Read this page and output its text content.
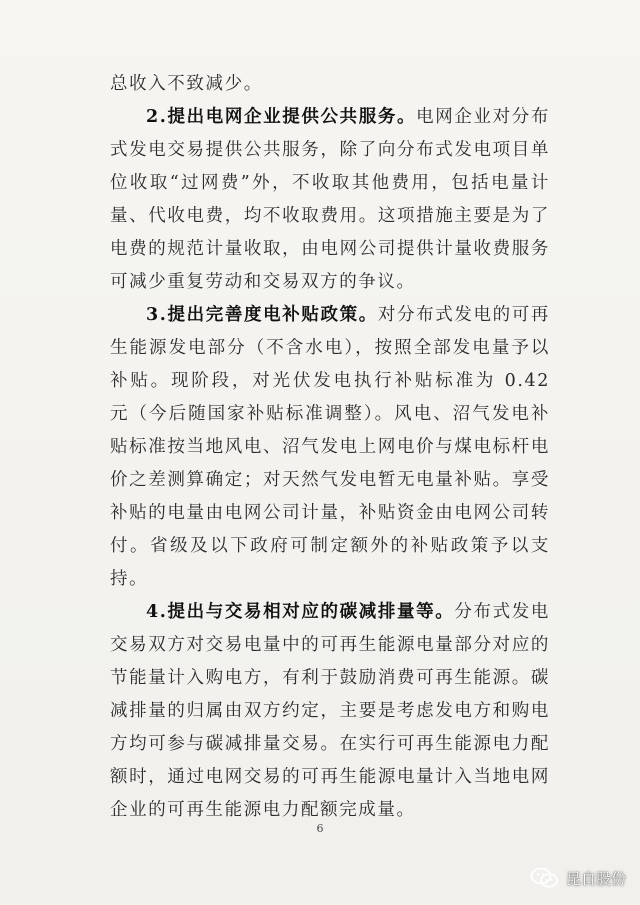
总收入不致减少。

2.提出电网企业提供公共服务。电网企业对分布式发电交易提供公共服务，除了向分布式发电项目单位收取“过网费”外，不收取其他费用，包括电量计量、代收电费，均不收取费用。这项措施主要是为了电费的规范计量收取，由电网公司提供计量收费服务可减少重复劳动和交易双方的争议。

3.提出完善度电补贴政策。对分布式发电的可再生能源发电部分（不含水电），按照全部发电量予以补贴。现阶段，对光伏发电执行补贴标准为 0.42 元（今后随国家补贴标准调整）。风电、沼气发电补贴标准按当地风电、沼气发电上网电价与煤电标杆电价之差测算确定；对天然气发电暂无电量补贴。享受补贴的电量由电网公司计量，补贴资金由电网公司转付。省级及以下政府可制定额外的补贴政策予以支持。

4.提出与交易相对应的碳减排量等。分布式发电交易双方对交易电量中的可再生能源电量部分对应的节能量计入购电方，有利于鼓励消费可再生能源。碳减排量的归属由双方约定，主要是考虑发电方和购电方均可参与碳减排量交易。在实行可再生能源电力配额时，通过电网交易的可再生能源电量计入当地电网企业的可再生能源电力配额完成量。

6
昆自股份
